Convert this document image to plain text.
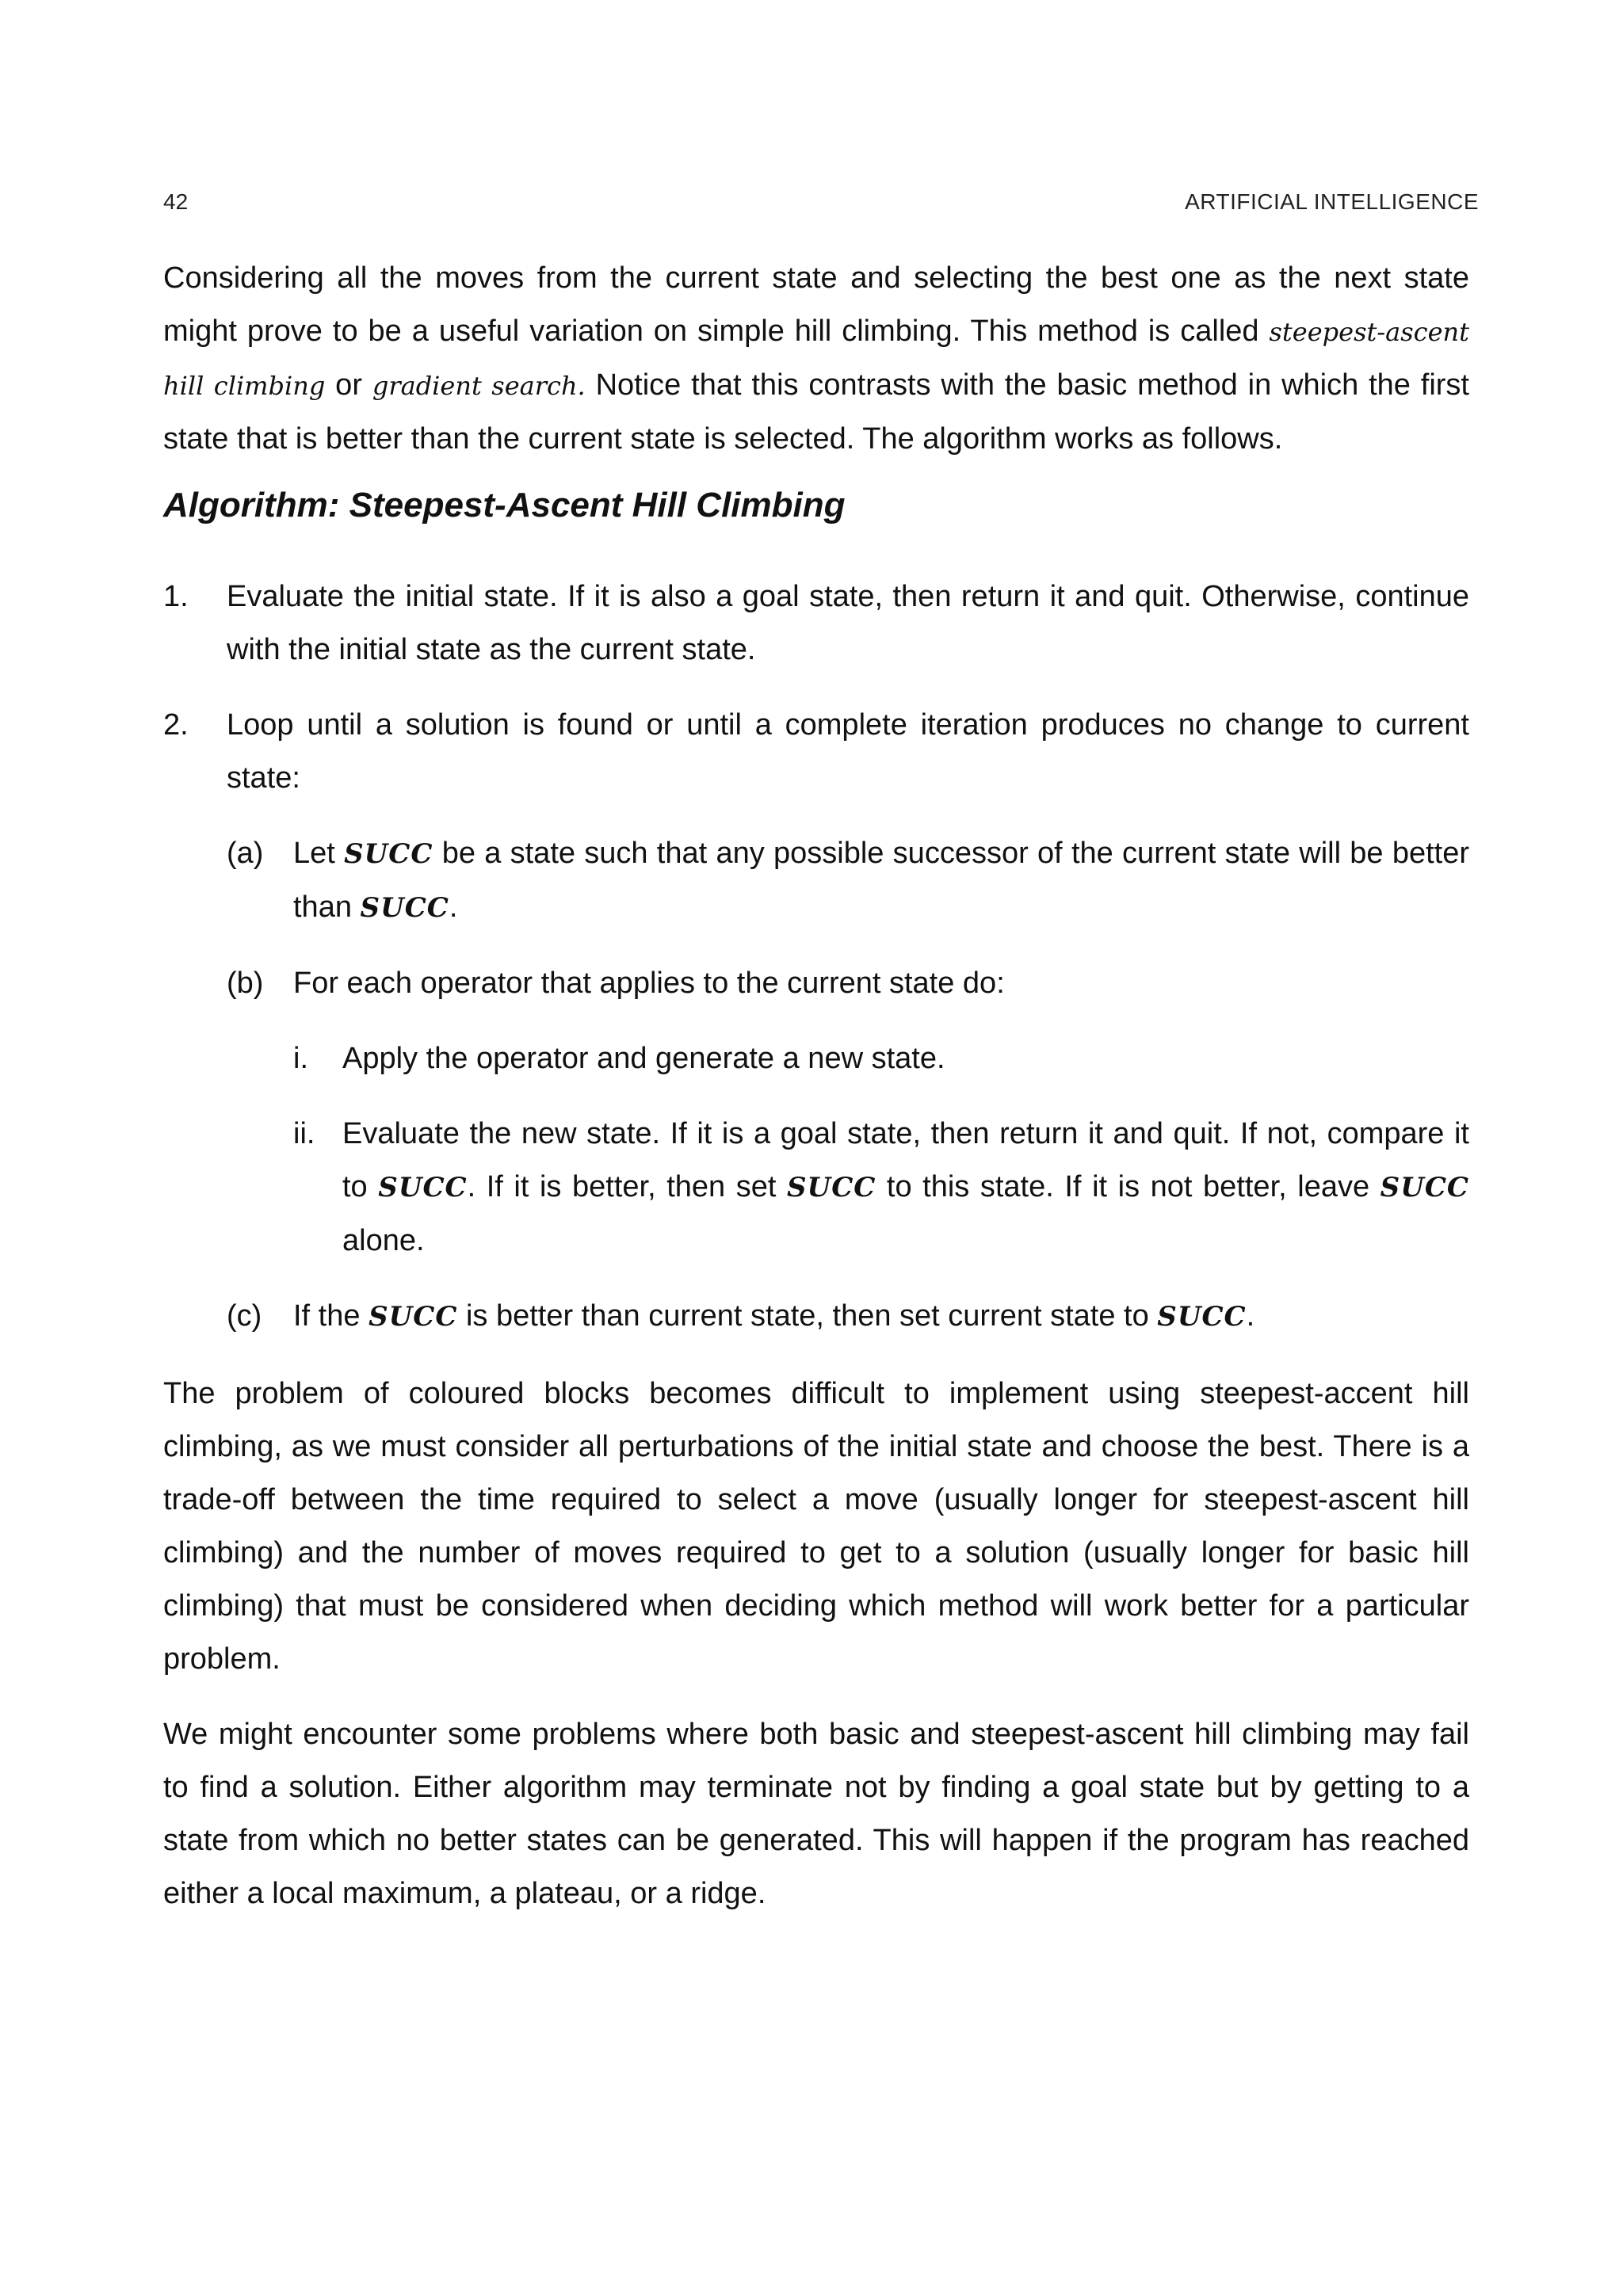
42	ARTIFICIAL INTELLIGENCE

Considering all the moves from the current state and selecting the best one as the next state might prove to be a useful variation on simple hill climbing. This method is called steepest-ascent hill climbing or gradient search. Notice that this contrasts with the basic method in which the first state that is better than the current state is selected. The algorithm works as follows.

Algorithm: Steepest-Ascent Hill Climbing
1.	Evaluate the initial state. If it is also a goal state, then return it and quit. Otherwise, continue with the initial state as the current state.
2.	Loop until a solution is found or until a complete iteration produces no change to current state:
(a) Let SUCC be a state such that any possible successor of the current state will be better than SUCC.
(b) For each operator that applies to the current state do:
i.	Apply the operator and generate a new state.
ii. Evaluate the new state. If it is a goal state, then return it and quit. If not, compare it to SUCC. If it is better, then set SUCC to this state. If it is not better, leave SUCC alone.
(c)	If the SUCC is better than current state, then set current state to SUCC.

The problem of coloured blocks becomes difficult to implement using steepest-accent hill climbing, as we must consider all perturbations of the initial state and choose the best. There is a trade-off between the time required to select a move (usually longer for steepest-ascent hill climbing) and the number of moves required to get to a solution (usually longer for basic hill climbing) that must be considered when deciding which method will work better for a particular problem.

We might encounter some problems where both basic and steepest-ascent hill climbing may fail to find a solution. Either algorithm may terminate not by finding a goal state but by getting to a state from which no better states can be generated. This will happen if the program has reached either a local maximum, a plateau, or a ridge.
